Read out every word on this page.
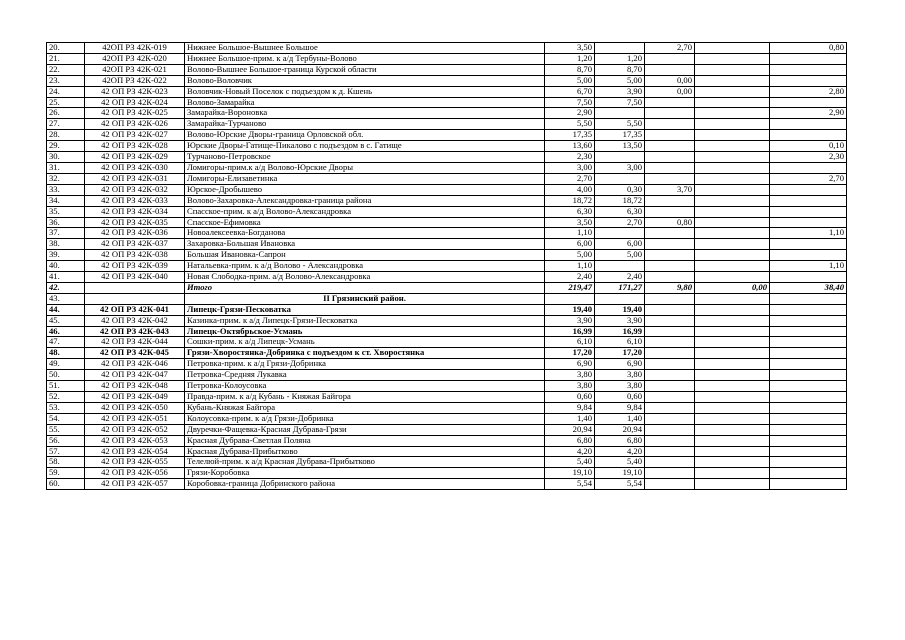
20.	42ОП РЗ 42К-019	Нижнее Большое-Вышнее Большое	3,50		2,70		0,80
21.	42ОП РЗ 42К-020	Нижнее Большое-прим. к а/д Тербуны-Волово	1,20	1,20			
22.	42ОП РЗ 42К-021	Волово-Вышнее Большое-граница Курской области	8,70	8,70			
23.	42ОП РЗ 42К-022	Волово-Воловчик	5,00	5,00	0,00		
24.	42 ОП РЗ 42К-023	Воловчик-Новый Поселок с подъездом к д. Кшень	6,70	3,90	0,00		2,80
25.	42 ОП РЗ 42К-024	Волово-Замарайка	7,50	7,50			
26.	42 ОП РЗ 42К-025	Замарайка-Вороновка	2,90				2,90
27.	42 ОП РЗ 42К-026	Замарайка-Турчаново	5,50	5,50			
28.	42 ОП РЗ 42К-027	Волово-Юрские Дворы-граница Орловской обл.	17,35	17,35			
29.	42 ОП РЗ 42К-028	Юрские Дворы-Гатище-Пикалово с подъездом в с. Гатище	13,60	13,50			0,10
30.	42 ОП РЗ 42К-029	Турчаново-Петровское	2,30				2,30
31.	42 ОП РЗ 42К-030	Ломигоры-прим.к а/д Волово-Юрские Дворы	3,00	3,00			
32.	42 ОП РЗ 42К-031	Ломигоры-Елизаветинка	2,70				2,70
33.	42 ОП РЗ 42К-032	Юрское-Дробышево	4,00	0,30	3,70		
34.	42 ОП РЗ 42К-033	Волово-Захаровка-Александровка-граница района	18,72	18,72			
35.	42 ОП РЗ 42К-034	Спасское-прим. к а/д Волово-Александровка	6,30	6,30			
36.	42 ОП РЗ 42К-035	Спасское-Ефимовка	3,50	2,70	0,80		
37.	42 ОП РЗ 42К-036	Новоалексеевка-Богданова	1,10				1,10
38.	42 ОП РЗ 42К-037	Захаровка-Большая Ивановка	6,00	6,00			
39.	42 ОП РЗ 42К-038	Большая Ивановка-Сапрон	5,00	5,00			
40.	42 ОП РЗ 42К-039	Натальевка-прим. к а/д Волово - Александровка	1,10				1,10
41.	42 ОП РЗ 42К-040	Новая Слободка-прим. а/д Волово-Александровка	2,40	2,40			
42.		Итого	219,47	171,27	9,80	0,00	38,40
43.		II Грязинский район.					
44.	42 ОП РЗ 42К-041	Липецк-Грязи-Песковатка	19,40	19,40			
45.	42 ОП РЗ 42К-042	Казинка-прим. к а/д Липецк-Грязи-Песковатка	3,90	3,90			
46.	42 ОП РЗ 42К-043	Липецк-Октябрьское-Усмань	16,99	16,99			
47.	42 ОП РЗ 42К-044	Сошки-прим. к а/д Липецк-Усмань	6,10	6,10			
48.	42 ОП РЗ 42К-045	Грязи-Хворостянка-Добринка с подъездом к ст. Хворостянка	17,20	17,20			
49.	42 ОП РЗ 42К-046	Петровка-прим. к а/д Грязи-Добринка	6,90	6,90			
50.	42 ОП РЗ 42К-047	Петровка-Средняя Лукавка	3,80	3,80			
51.	42 ОП РЗ 42К-048	Петровка-Колоусовка	3,80	3,80			
52.	42 ОП РЗ 42К-049	Правда-прим. к а/д Кубань - Княжая Байгора	0,60	0,60			
53.	42 ОП РЗ 42К-050	Кубань-Княжая Байгора	9,84	9,84			
54.	42 ОП РЗ 42К-051	Колоусовка-прим. к а/д Грязи-Добринка	1,40	1,40			
55.	42 ОП РЗ 42К-052	Двуречки-Фащевка-Красная Дубрава-Грязи	20,94	20,94			
56.	42 ОП РЗ 42К-053	Красная Дубрава-Светлая Поляна	6,80	6,80			
57.	42 ОП РЗ 42К-054	Красная Дубрава-Прибытково	4,20	4,20			
58.	42 ОП РЗ 42К-055	Телелюй-прим. к а/д Красная Дубрава-Прибытково	5,40	5,40			
59.	42 ОП РЗ 42К-056	Грязи-Коробовка	19,10	19,10			
60.	42 ОП РЗ 42К-057	Коробовка-граница Добринского района	5,54	5,54			
